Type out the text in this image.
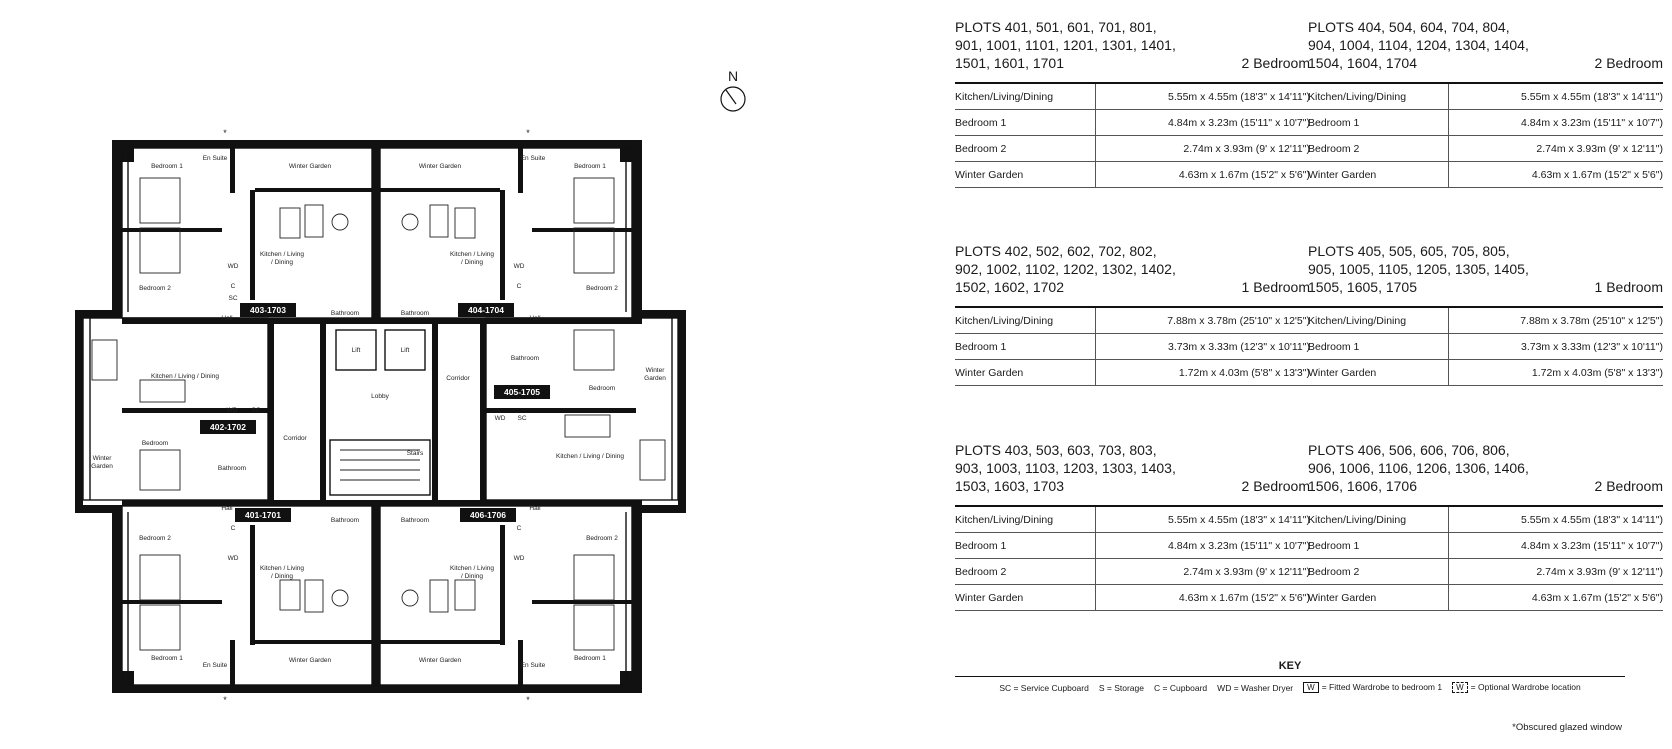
Bedroom 1
En Suite
Winter Garden	Winter Garden
En Suite
Bedroom 1
Kitchen / Living
/ Dining
Kitchen / Living
/ Dining
Bedroom 2	Bedroom 2
SC
WD	WD
Hall	Hall
Bathroom	Bathroom
Lift	Lift
Lobby
Corridor
Corridor
Stairs
Kitchen / Living / Dining
Kitchen / Living / Dining
Bedroom
Bedroom
Winter
Garden
Winter
Garden
Bathroom
Bathroom
WD SC
WD SC
Bathroom	Bathroom
Bedroom 2	Bedroom 2
Kitchen / Living
/ Dining
Kitchen / Living
/ Dining
Bedroom 1	Bedroom 1
En Suite	En Suite
Winter Garden	Winter Garden
Hall	Hall
WD	WD
C	C
C	C
*	*
*	*
403-1703	404-1704
402-1702
405-1705
401-1701	406-1706
N
PLOTS 401, 501, 601, 701, 801, 901, 1001, 1101, 1201, 1301, 1401, 1501, 1601, 1701	2 Bedroom
Kitchen/Living/Dining	5.55m x 4.55m (18'3" x 14'11")
Bedroom 1	4.84m x 3.23m (15'11" x 10'7")
Bedroom 2	2.74m x 3.93m (9' x 12'11")
Winter Garden	4.63m x 1.67m (15'2" x 5'6")
PLOTS 404, 504, 604, 704, 804, 904, 1004, 1104, 1204, 1304, 1404, 1504, 1604, 1704	2 Bedroom
Kitchen/Living/Dining	5.55m x 4.55m (18'3" x 14'11")
Bedroom 1	4.84m x 3.23m (15'11" x 10'7")
Bedroom 2	2.74m x 3.93m (9' x 12'11")
Winter Garden	4.63m x 1.67m (15'2" x 5'6")
PLOTS 402, 502, 602, 702, 802, 902, 1002, 1102, 1202, 1302, 1402, 1502, 1602, 1702	1 Bedroom
Kitchen/Living/Dining	7.88m x 3.78m (25'10" x 12'5")
Bedroom 1	3.73m x 3.33m (12'3" x 10'11")
Winter Garden	1.72m x 4.03m (5'8" x 13'3")
PLOTS 405, 505, 605, 705, 805, 905, 1005, 1105, 1205, 1305, 1405, 1505, 1605, 1705	1 Bedroom
Kitchen/Living/Dining	7.88m x 3.78m (25'10" x 12'5")
Bedroom 1	3.73m x 3.33m (12'3" x 10'11")
Winter Garden	1.72m x 4.03m (5'8" x 13'3")
PLOTS 403, 503, 603, 703, 803, 903, 1003, 1103, 1203, 1303, 1403, 1503, 1603, 1703	2 Bedroom
Kitchen/Living/Dining	5.55m x 4.55m (18'3" x 14'11")
Bedroom 1	4.84m x 3.23m (15'11" x 10'7")
Bedroom 2	2.74m x 3.93m (9' x 12'11")
Winter Garden	4.63m x 1.67m (15'2" x 5'6")
PLOTS 406, 506, 606, 706, 806, 906, 1006, 1106, 1206, 1306, 1406, 1506, 1606, 1706	2 Bedroom
Kitchen/Living/Dining	5.55m x 4.55m (18'3" x 14'11")
Bedroom 1	4.84m x 3.23m (15'11" x 10'7")
Bedroom 2	2.74m x 3.93m (9' x 12'11")
Winter Garden	4.63m x 1.67m (15'2" x 5'6")
KEY
SC = Service Cupboard S = Storage C = Cupboard WD = Washer Dryer	W = Fitted Wardrobe to bedroom 1	W = Optional Wardrobe location
*Obscured glazed window
